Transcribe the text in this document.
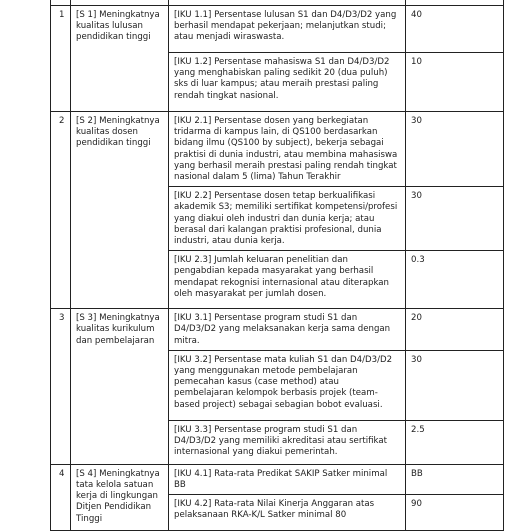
1	[S 1] Meningkatnya kualitas lulusan pendidikan tinggi	[IKU 1.1] Persentase lulusan S1 dan D4/D3/D2 yang berhasil mendapat pekerjaan; melanjutkan studi; atau menjadi wiraswasta.	40
		[IKU 1.2] Persentase mahasiswa S1 dan D4/D3/D2 yang menghabiskan paling sedikit 20 (dua puluh) sks di luar kampus; atau meraih prestasi paling rendah tingkat nasional.	10
2	[S 2] Meningkatnya kualitas dosen pendidikan tinggi	[IKU 2.1] Persentase dosen yang berkegiatan tridarma di kampus lain, di QS100 berdasarkan bidang ilmu (QS100 by subject), bekerja sebagai praktisi di dunia industri, atau membina mahasiswa yang berhasil meraih prestasi paling rendah tingkat nasional dalam 5 (lima) Tahun Terakhir	30
		[IKU 2.2] Persentase dosen tetap berkualifikasi akademik S3; memiliki sertifikat kompetensi/profesi yang diakui oleh industri dan dunia kerja; atau berasal dari kalangan praktisi profesional, dunia industri, atau dunia kerja.	30
		[IKU 2.3] Jumlah keluaran penelitian dan pengabdian kepada masyarakat yang berhasil mendapat rekognisi internasional atau diterapkan oleh masyarakat per jumlah dosen.	0.3
3	[S 3] Meningkatnya kualitas kurikulum dan pembelajaran	[IKU 3.1] Persentase program studi S1 dan D4/D3/D2 yang melaksanakan kerja sama dengan mitra.	20
		[IKU 3.2] Persentase mata kuliah S1 dan D4/D3/D2 yang menggunakan metode pembelajaran pemecahan kasus (case method) atau pembelajaran kelompok berbasis projek (team-based project) sebagai sebagian bobot evaluasi.	30
		[IKU 3.3] Persentase program studi S1 dan D4/D3/D2 yang memiliki akreditasi atau sertifikat internasional yang diakui pemerintah.	2.5
4	[S 4] Meningkatnya tata kelola satuan kerja di lingkungan Ditjen Pendidikan Tinggi	[IKU 4.1] Rata-rata Predikat SAKIP Satker minimal BB	BB
		[IKU 4.2] Rata-rata Nilai Kinerja Anggaran atas pelaksanaan RKA-K/L Satker minimal 80	90
